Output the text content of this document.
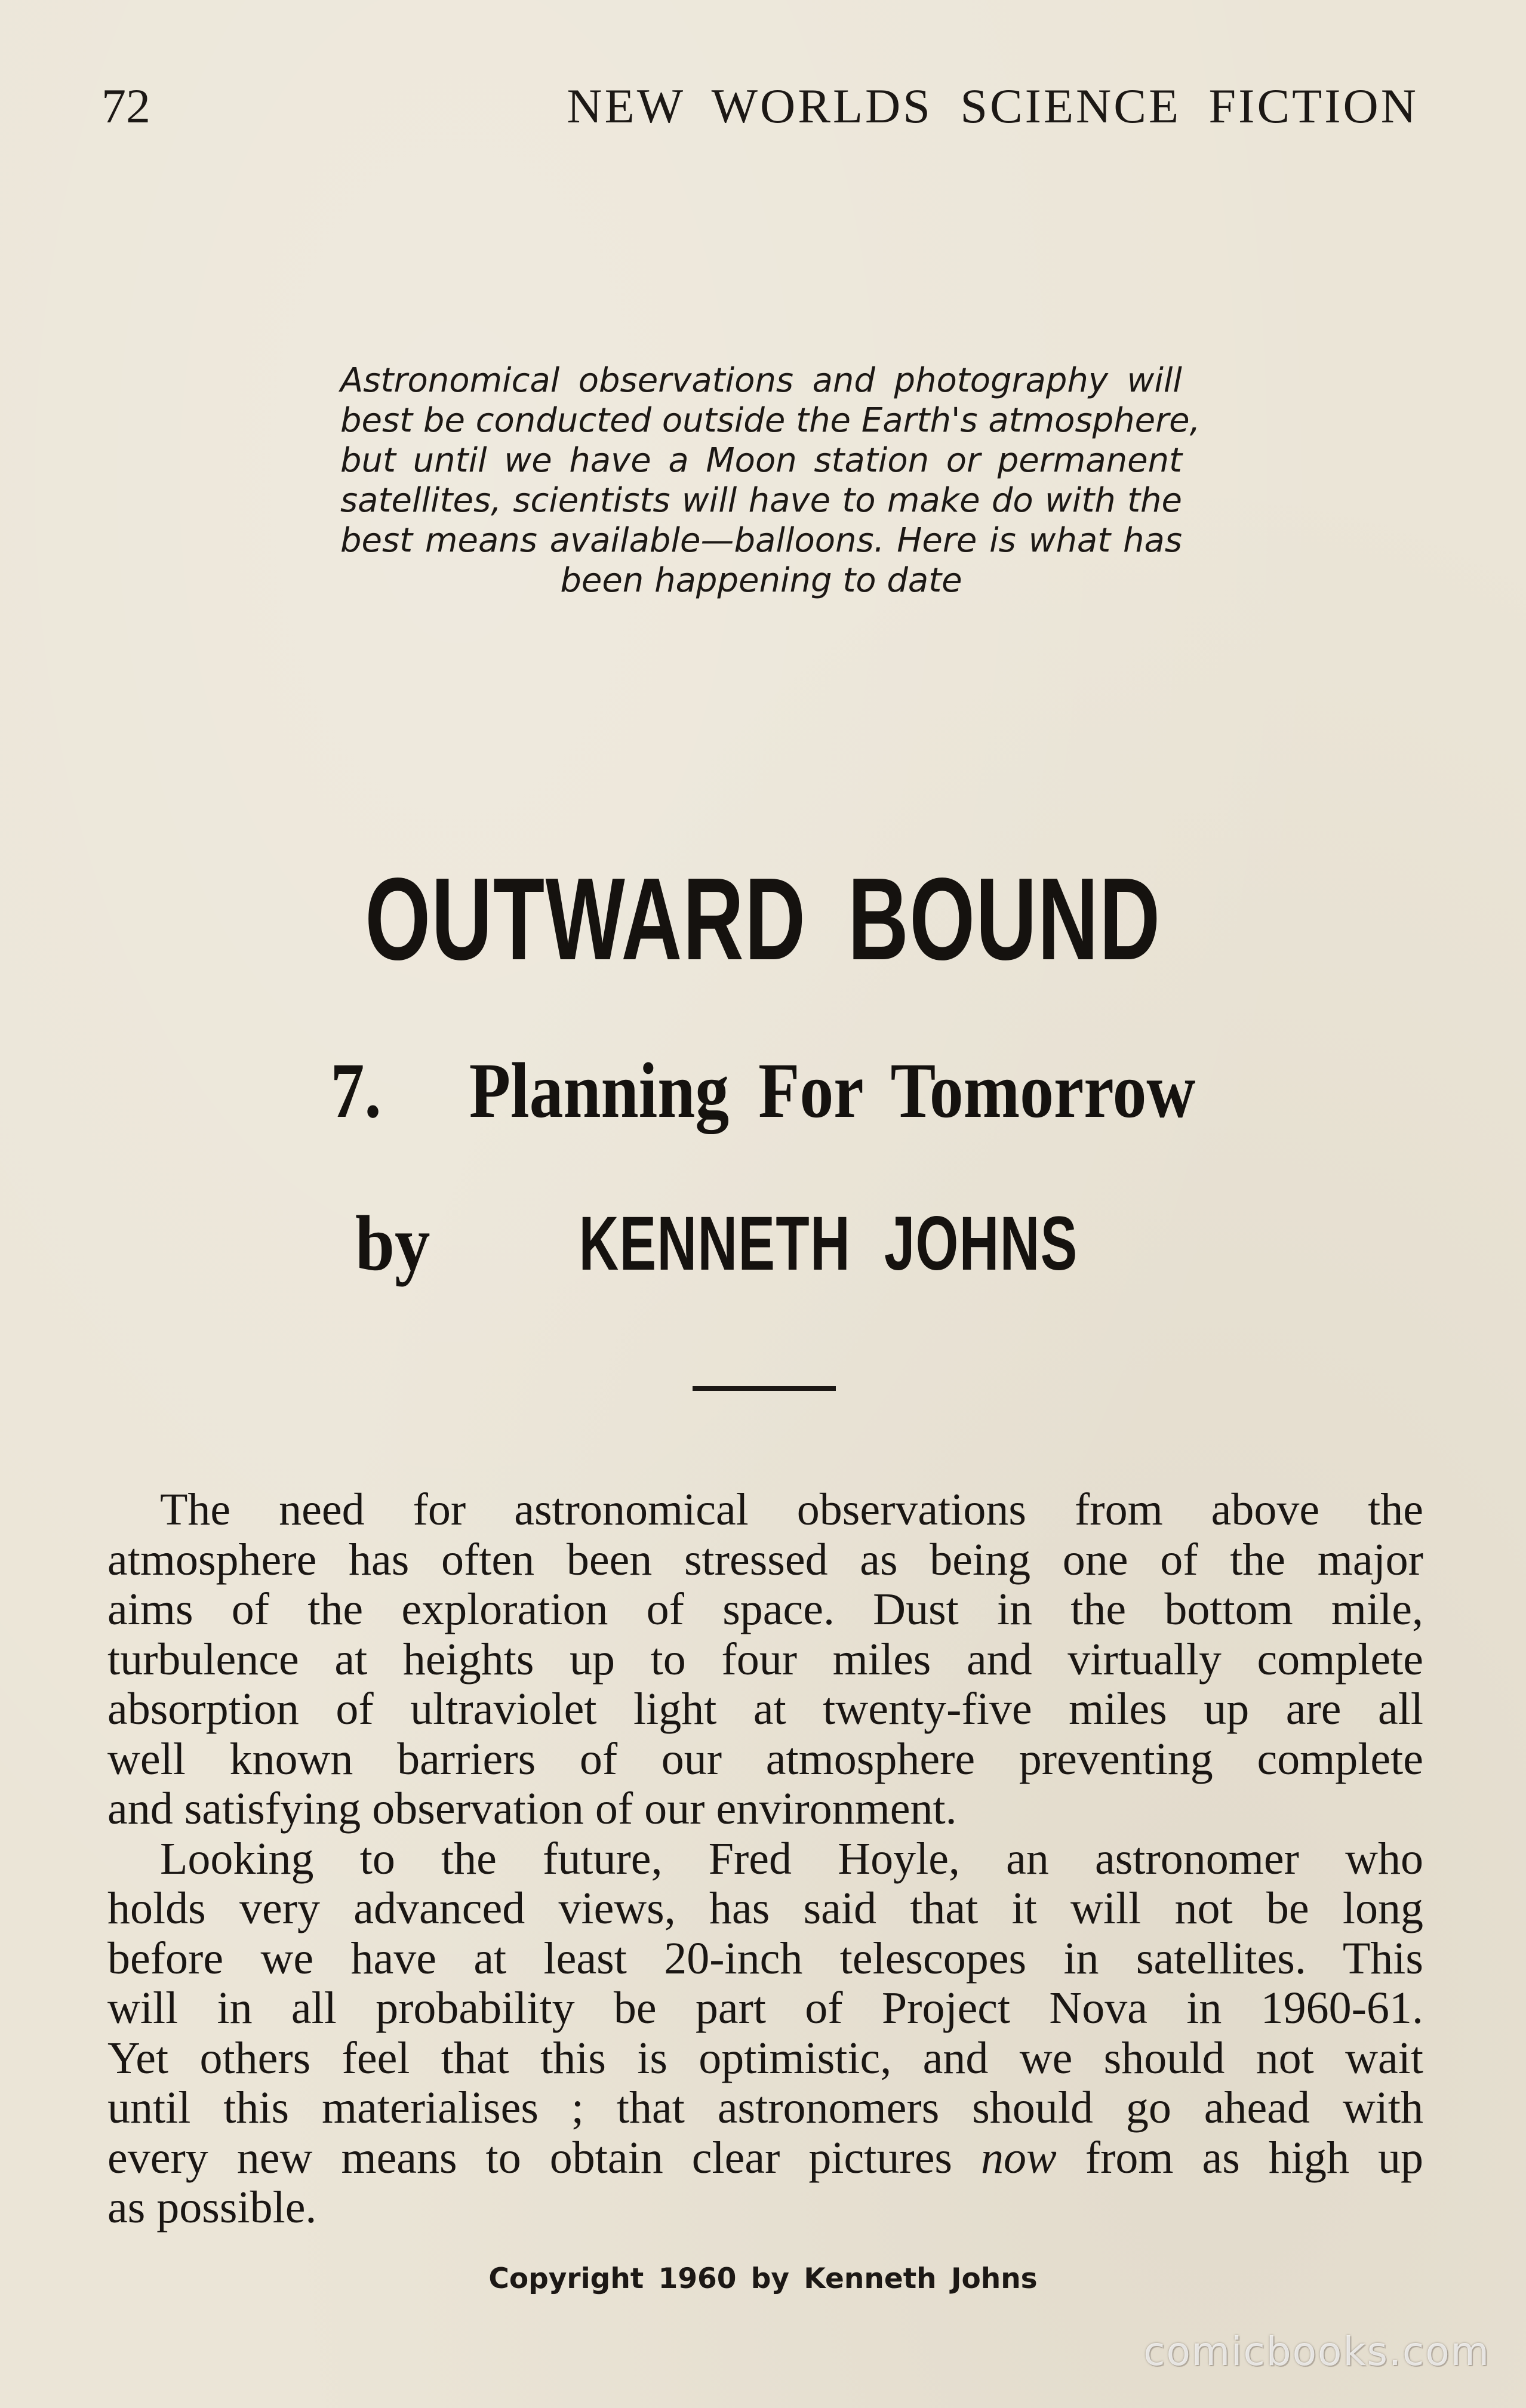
72	NEW WORLDS SCIENCE FICTION
Astronomical observations and photography will
best be conducted outside the Earth's atmosphere,
but until we have a Moon station or permanent
satellites, scientists will have to make do with the
best means available—balloons. Here is what has
been happening to date
OUTWARD BOUND
7.   Planning For Tomorrow
by KENNETH JOHNS
The need for astronomical observations from above the
atmosphere has often been stressed as being one of the major
aims of the exploration of space. Dust in the bottom mile,
turbulence at heights up to four miles and virtually complete
absorption of ultraviolet light at twenty-five miles up are all
well known barriers of our atmosphere preventing complete
and satisfying observation of our environment.
Looking to the future, Fred Hoyle, an astronomer who
holds very advanced views, has said that it will not be long
before we have at least 20-inch telescopes in satellites. This
will in all probability be part of Project Nova in 1960-61.
Yet others feel that this is optimistic, and we should not wait
until this materialises ; that astronomers should go ahead with
every new means to obtain clear pictures now from as high up
as possible.
Copyright 1960 by Kenneth Johns
comicbooks.com
